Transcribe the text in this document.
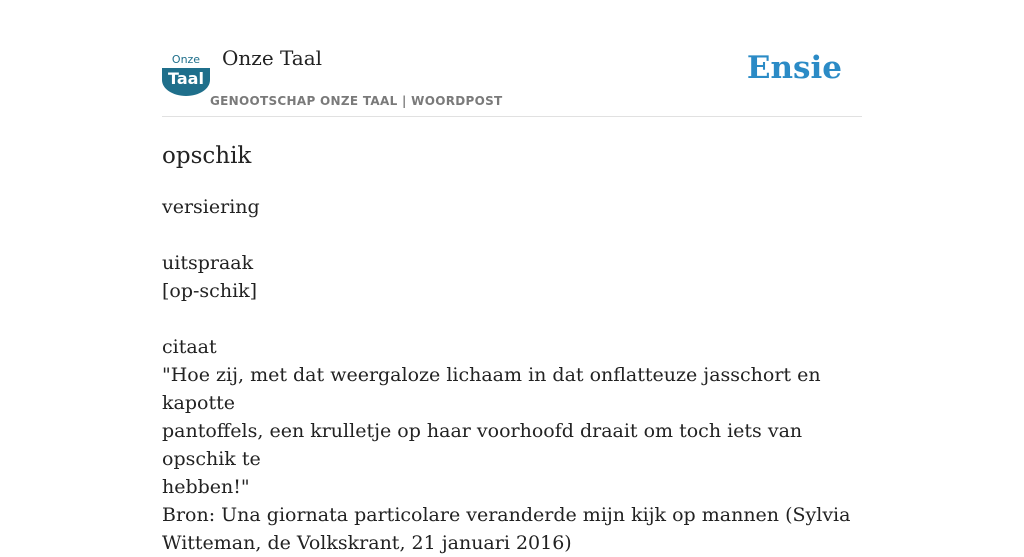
Onze
Taal
Onze Taal
GENOOTSCHAP ONZE TAAL | WOORDPOST
Ensie
opschik

versiering

uitspraak

[op-schik]

citaat

"Hoe zij, met dat weergaloze lichaam in dat onflatteuze jasschort en kapotte

pantoffels, een krulletje op haar voorhoofd draait om toch iets van opschik te

hebben!"

Bron: Una giornata particolare veranderde mijn kijk op mannen (Sylvia

Witteman, de Volkskrant, 21 januari 2016)
